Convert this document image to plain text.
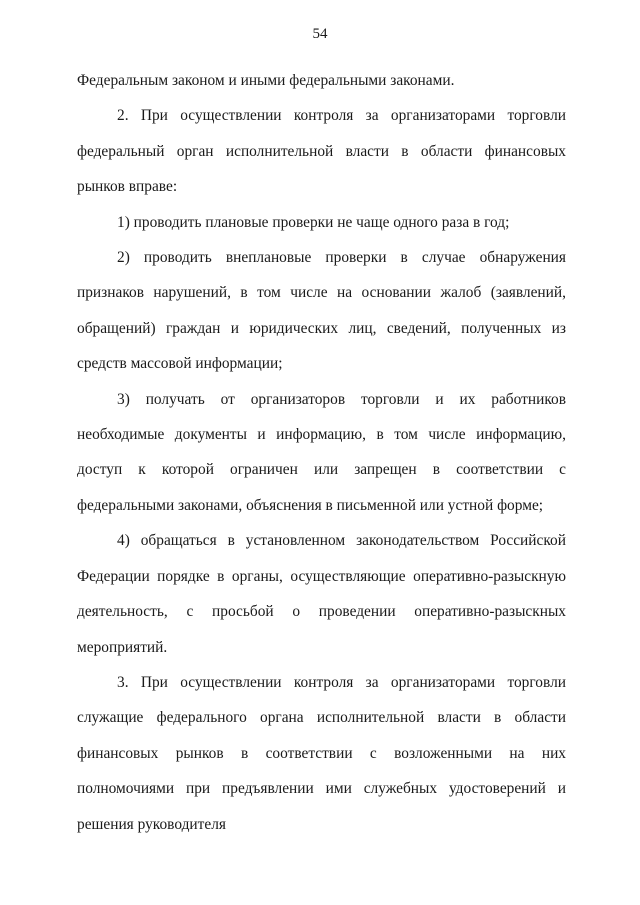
54

Федеральным законом и иными федеральными законами.

2. При осуществлении контроля за организаторами торговли федеральный орган исполнительной власти в области финансовых рынков вправе:

1) проводить плановые проверки не чаще одного раза в год;

2) проводить внеплановые проверки в случае обнаружения признаков нарушений, в том числе на основании жалоб (заявлений, обращений) граждан и юридических лиц, сведений, полученных из средств массовой информации;

3) получать от организаторов торговли и их работников необходимые документы и информацию, в том числе информацию, доступ к которой ограничен или запрещен в соответствии с федеральными законами, объяснения в письменной или устной форме;

4) обращаться в установленном законодательством Российской Федерации порядке в органы, осуществляющие оперативно-разыскную деятельность, с просьбой о проведении оперативно-разыскных мероприятий.

3. При осуществлении контроля за организаторами торговли служащие федерального органа исполнительной власти в области финансовых рынков в соответствии с возложенными на них полномочиями при предъявлении ими служебных удостоверений и решения руководителя
